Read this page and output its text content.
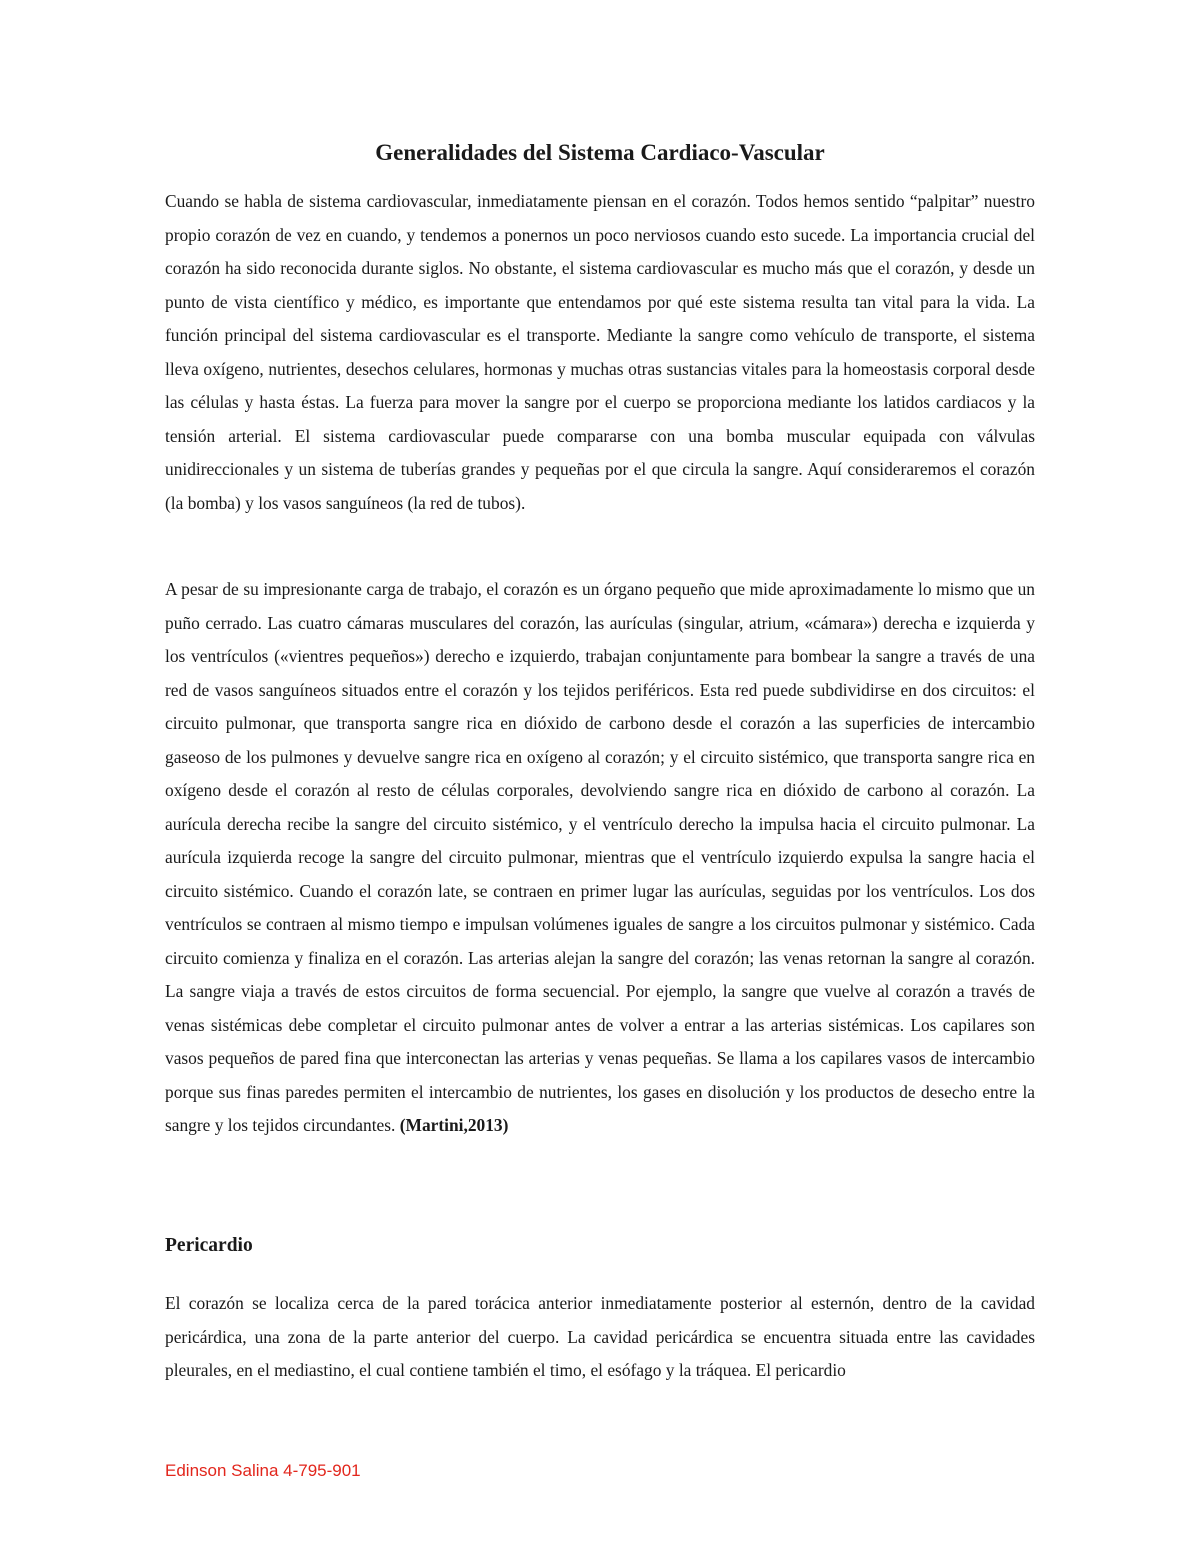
Generalidades del Sistema Cardiaco-Vascular

Cuando se habla de sistema cardiovascular, inmediatamente piensan en el corazón. Todos hemos sentido “palpitar” nuestro propio corazón de vez en cuando, y tendemos a ponernos un poco nerviosos cuando esto sucede. La importancia crucial del corazón ha sido reconocida durante siglos. No obstante, el sistema cardiovascular es mucho más que el corazón, y desde un punto de vista científico y médico, es importante que entendamos por qué este sistema resulta tan vital para la vida. La función principal del sistema cardiovascular es el transporte. Mediante la sangre como vehículo de transporte, el sistema lleva oxígeno, nutrientes, desechos celulares, hormonas y muchas otras sustancias vitales para la homeostasis corporal desde las células y hasta éstas. La fuerza para mover la sangre por el cuerpo se proporciona mediante los latidos cardiacos y la tensión arterial. El sistema cardiovascular puede compararse con una bomba muscular equipada con válvulas unidireccionales y un sistema de tuberías grandes y pequeñas por el que circula la sangre. Aquí consideraremos el corazón (la bomba) y los vasos sanguíneos (la red de tubos).

A pesar de su impresionante carga de trabajo, el corazón es un órgano pequeño que mide aproximadamente lo mismo que un puño cerrado. Las cuatro cámaras musculares del corazón, las aurículas (singular, atrium, «cámara») derecha e izquierda y los ventrículos («vientres pequeños») derecho e izquierdo, trabajan conjuntamente para bombear la sangre a través de una red de vasos sanguíneos situados entre el corazón y los tejidos periféricos. Esta red puede subdividirse en dos circuitos: el circuito pulmonar, que transporta sangre rica en dióxido de carbono desde el corazón a las superficies de intercambio gaseoso de los pulmones y devuelve sangre rica en oxígeno al corazón; y el circuito sistémico, que transporta sangre rica en oxígeno desde el corazón al resto de células corporales, devolviendo sangre rica en dióxido de carbono al corazón. La aurícula derecha recibe la sangre del circuito sistémico, y el ventrículo derecho la impulsa hacia el circuito pulmonar. La aurícula izquierda recoge la sangre del circuito pulmonar, mientras que el ventrículo izquierdo expulsa la sangre hacia el circuito sistémico. Cuando el corazón late, se contraen en primer lugar las aurículas, seguidas por los ventrículos. Los dos ventrículos se contraen al mismo tiempo e impulsan volúmenes iguales de sangre a los circuitos pulmonar y sistémico. Cada circuito comienza y finaliza en el corazón. Las arterias alejan la sangre del corazón; las venas retornan la sangre al corazón. La sangre viaja a través de estos circuitos de forma secuencial. Por ejemplo, la sangre que vuelve al corazón a través de venas sistémicas debe completar el circuito pulmonar antes de volver a entrar a las arterias sistémicas. Los capilares son vasos pequeños de pared fina que interconectan las arterias y venas pequeñas. Se llama a los capilares vasos de intercambio porque sus finas paredes permiten el intercambio de nutrientes, los gases en disolución y los productos de desecho entre la sangre y los tejidos circundantes. (Martini,2013)

Pericardio

El corazón se localiza cerca de la pared torácica anterior inmediatamente posterior al esternón, dentro de la cavidad pericárdica, una zona de la parte anterior del cuerpo. La cavidad pericárdica se encuentra situada entre las cavidades pleurales, en el mediastino, el cual contiene también el timo, el esófago y la tráquea. El pericardio

Edinson Salina 4-795-901
